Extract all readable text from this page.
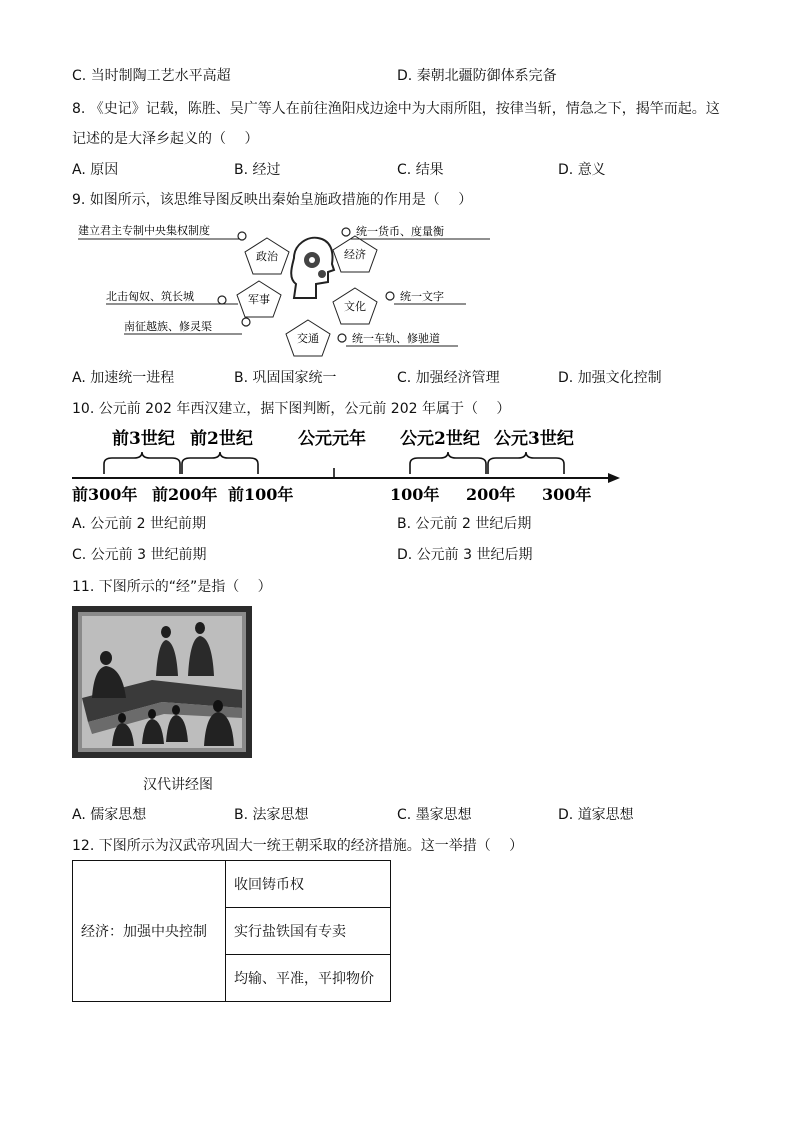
C. 当时制陶工艺水平高超	D. 秦朝北疆防御体系完备
8. 《史记》记载，陈胜、吴广等人在前往渔阳戍边途中为大雨所阻，按律当斩，情急之下，揭竿而起。这
记述的是大泽乡起义的（　 ）
A. 原因	B. 经过	C. 结果	D. 意义
9. 如图所示，该思维导图反映出秦始皇施政措施的作用是（　 ）
建立君主专制中央集权制度
政治	经济
统一货币、度量衡
北击匈奴、筑长城	军事
南征越族、修灵渠
文化
统一文字
交通	统一车轨、修驰道
A. 加速统一进程	B. 巩固国家统一	C. 加强经济管理	D. 加强文化控制
10. 公元前 202 年西汉建立，据下图判断，公元前 202 年属于（　 ）
前3世纪 前2世纪	公元元年 公元2世纪 公元3世纪
前300年 前200年 前100年	100年 200年 300年
A. 公元前 2 世纪前期	B. 公元前 2 世纪后期
C. 公元前 3 世纪前期	D. 公元前 3 世纪后期
11. 下图所示的“经”是指（　 ）
汉代讲经图
A. 儒家思想	B. 法家思想	C. 墨家思想	D. 道家思想
12. 下图所示为汉武帝巩固大一统王朝采取的经济措施。这一举措（　 ）
经济：加强中央控制	收回铸币权
实行盐铁国有专卖
均输、平准，平抑物价
